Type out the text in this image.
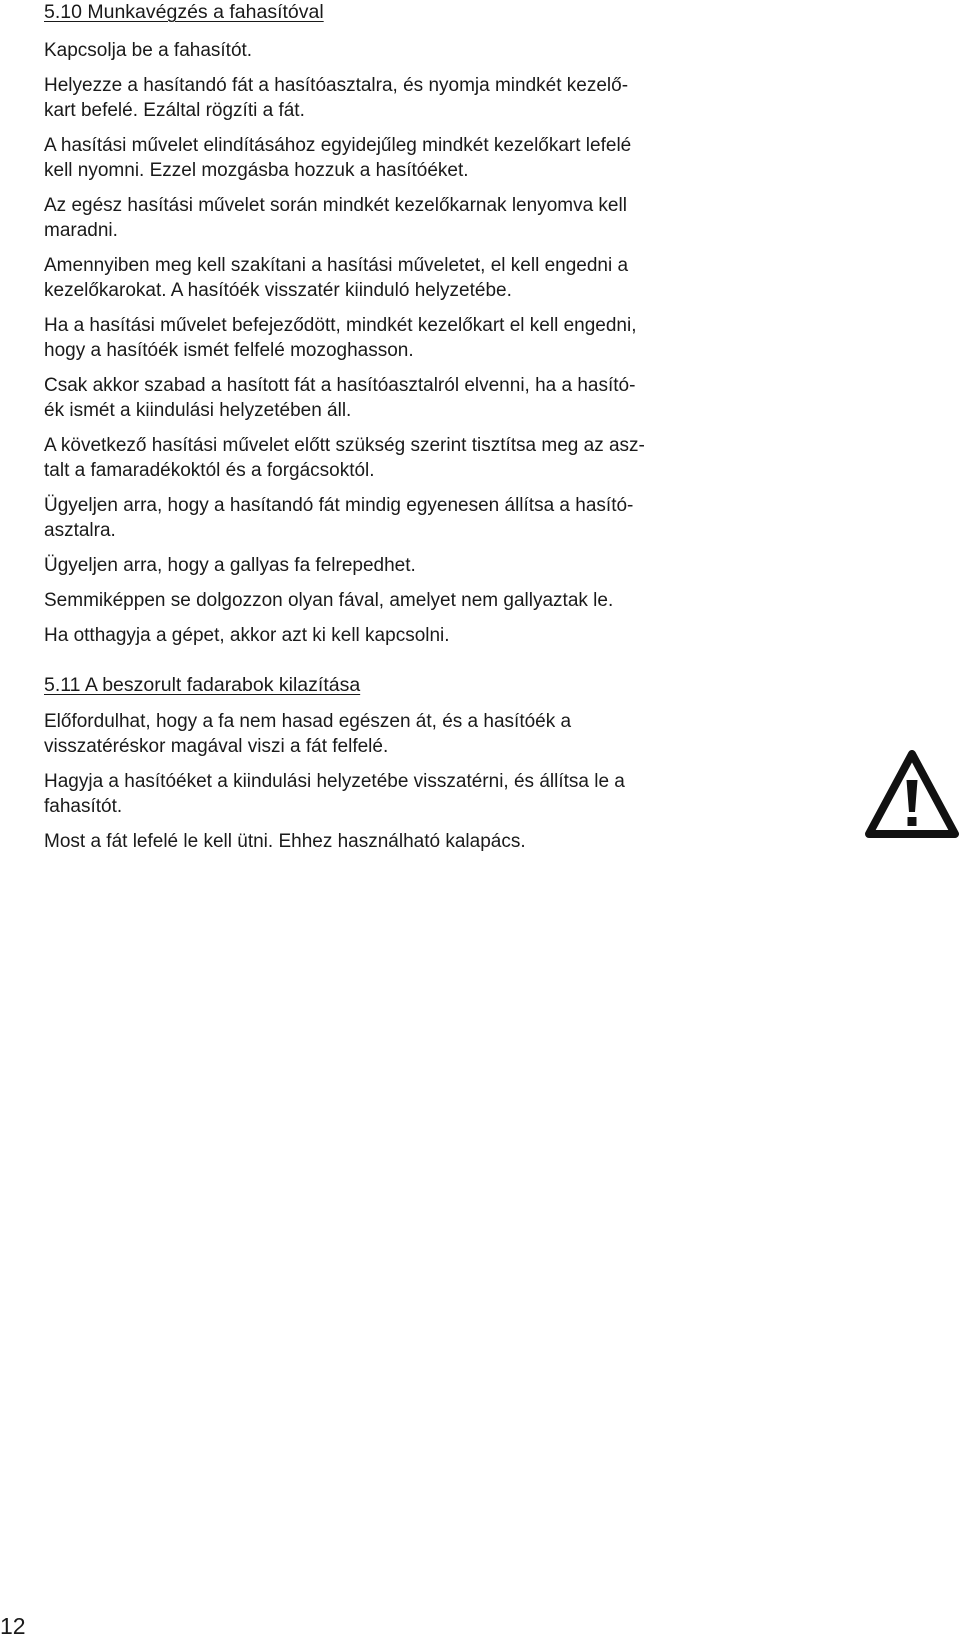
5.10 Munkavégzés a fahasítóval

Kapcsolja be a fahasítót.

Helyezze a hasítandó fát a hasítóasztalra, és nyomja mindkét kezelő-
kart befelé. Ezáltal rögzíti a fát.

A hasítási művelet elindításához egyidejűleg mindkét kezelőkart lefelé
kell nyomni. Ezzel mozgásba hozzuk a hasítóéket.

Az egész hasítási művelet során mindkét kezelőkarnak lenyomva kell
maradni.

Amennyiben meg kell szakítani a hasítási műveletet, el kell engedni a
kezelőkarokat. A hasítóék visszatér kiinduló helyzetébe.

Ha a hasítási művelet befejeződött, mindkét kezelőkart el kell engedni,
hogy a hasítóék ismét felfelé mozoghasson.

Csak akkor szabad a hasított fát a hasítóasztalról elvenni, ha a hasító-
ék ismét a kiindulási helyzetében áll.

A következő hasítási művelet előtt szükség szerint tisztítsa meg az asz-
talt a famaradékoktól és a forgácsoktól.

Ügyeljen arra, hogy a hasítandó fát mindig egyenesen állítsa a hasító-
asztalra.

Ügyeljen arra, hogy a gallyas fa felrepedhet.

Semmiképpen se dolgozzon olyan fával, amelyet nem gallyaztak le.

Ha otthagyja a gépet, akkor azt ki kell kapcsolni.

5.11 A beszorult fadarabok kilazítása

Előfordulhat, hogy a fa nem hasad egészen át, és a hasítóék a
visszatéréskor magával viszi a fát felfelé.

Hagyja a hasítóéket a kiindulási helyzetébe visszatérni, és állítsa le a
fahasítót.

Most a fát lefelé le kell ütni. Ehhez használható kalapács.

12
